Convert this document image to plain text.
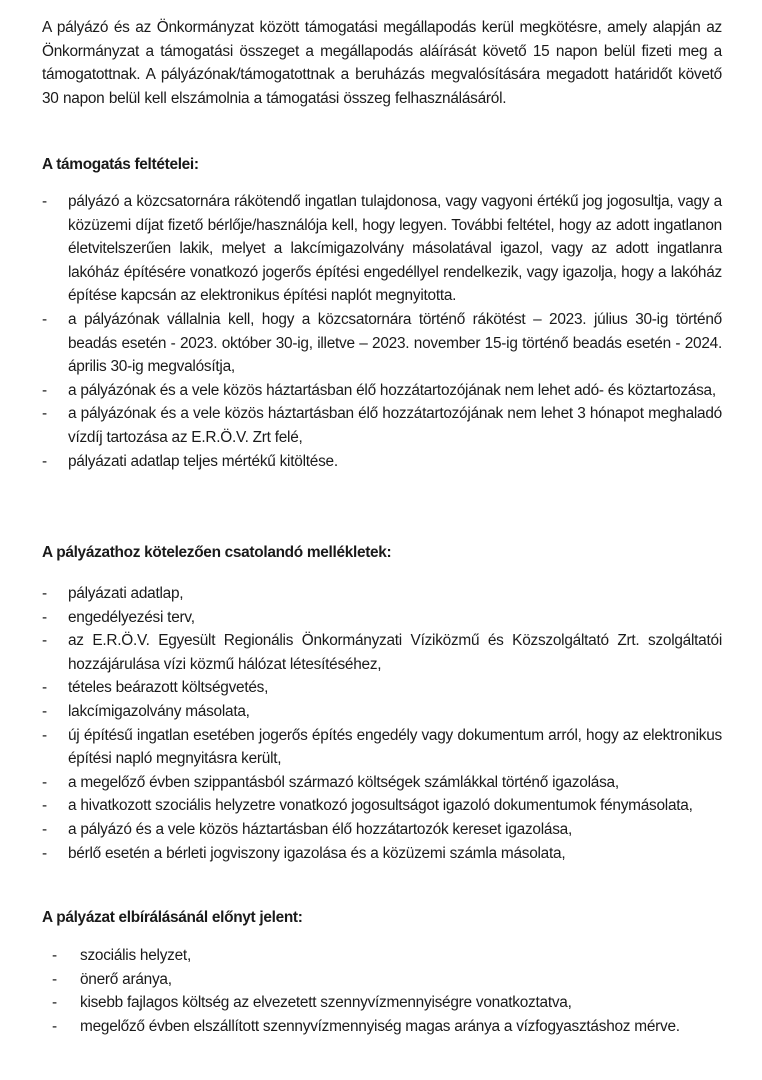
A pályázó és az Önkormányzat között támogatási megállapodás kerül megkötésre, amely alapján az Önkormányzat a támogatási összeget a megállapodás aláírását követő 15 napon belül fizeti meg a támogatottnak. A pályázónak/támogatottnak a beruházás megvalósítására megadott határidőt követő 30 napon belül kell elszámolnia a támogatási összeg felhasználásáról.

A támogatás feltételei:
- pályázó a közcsatornára rákötendő ingatlan tulajdonosa, vagy vagyoni értékű jog jogosultja, vagy a közüzemi díjat fizető bérlője/használója kell, hogy legyen. További feltétel, hogy az adott ingatlanon életvitelszerűen lakik, melyet a lakcímigazolvány másolatával igazol, vagy az adott ingatlanra lakóház építésére vonatkozó jogerős építési engedéllyel rendelkezik, vagy igazolja, hogy a lakóház építése kapcsán az elektronikus építési naplót megnyitotta.
- a pályázónak vállalnia kell, hogy a közcsatornára történő rákötést – 2023. július 30-ig történő beadás esetén - 2023. október 30-ig, illetve – 2023. november 15-ig történő beadás esetén - 2024. április 30-ig megvalósítja,
- a pályázónak és a vele közös háztartásban élő hozzátartozójának nem lehet adó- és köztartozása,
- a pályázónak és a vele közös háztartásban élő hozzátartozójának nem lehet 3 hónapot meghaladó vízdíj tartozása az E.R.Ö.V. Zrt felé,
- pályázati adatlap teljes mértékű kitöltése.
A pályázathoz kötelezően csatolandó mellékletek:
- pályázati adatlap,
- engedélyezési terv,
- az E.R.Ö.V. Egyesült Regionális Önkormányzati Víziközmű és Közszolgáltató Zrt. szolgáltatói hozzájárulása vízi közmű hálózat létesítéséhez,
- tételes beárazott költségvetés,
- lakcímigazolvány másolata,
- új építésű ingatlan esetében jogerős építés engedély vagy dokumentum arról, hogy az elektronikus építési napló megnyitásra került,
- a megelőző évben szippantásból származó költségek számlákkal történő igazolása,
- a hivatkozott szociális helyzetre vonatkozó jogosultságot igazoló dokumentumok fénymásolata,
- a pályázó és a vele közös háztartásban élő hozzátartozók kereset igazolása,
- bérlő esetén a bérleti jogviszony igazolása és a közüzemi számla másolata,
A pályázat elbírálásánál előnyt jelent:
- szociális helyzet,
- önerő aránya,
- kisebb fajlagos költség az elvezetett szennyvízmennyiségre vonatkoztatva,
- megelőző évben elszállított szennyvízmennyiség magas aránya a vízfogyasztáshoz mérve.
